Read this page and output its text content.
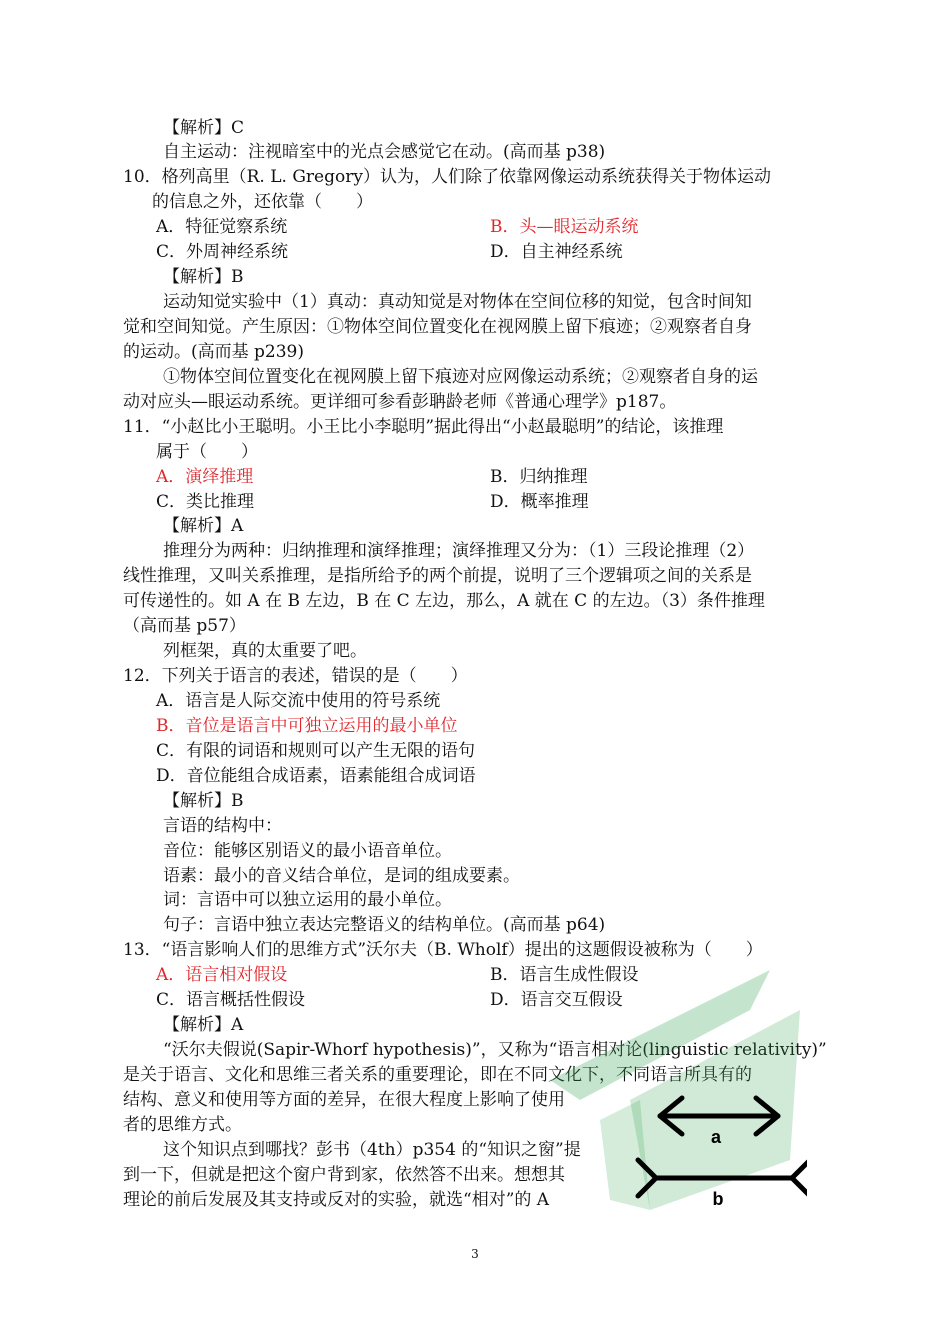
【解析】C
自主运动：注视暗室中的光点会感觉它在动。(高而基 p38)
10．格列高里（R. L. Gregory）认为，人们除了依靠网像运动系统获得关于物体运动
的信息之外，还依靠（　　）
A．特征觉察系统	B．头—眼运动系统
C．外周神经系统	D．自主神经系统
【解析】B
运动知觉实验中（1）真动：真动知觉是对物体在空间位移的知觉，包含时间知
觉和空间知觉。产生原因：①物体空间位置变化在视网膜上留下痕迹；②观察者自身
的运动。(高而基 p239)
①物体空间位置变化在视网膜上留下痕迹对应网像运动系统；②观察者自身的运
动对应头—眼运动系统。更详细可参看彭聃龄老师《普通心理学》p187。
11．“小赵比小王聪明。小王比小李聪明”据此得出“小赵最聪明”的结论，该推理
属于（　　）
A．演绎推理	B．归纳推理
C．类比推理	D．概率推理
【解析】A
推理分为两种：归纳推理和演绎推理；演绎推理又分为：（1）三段论推理（2）
线性推理，又叫关系推理，是指所给予的两个前提，说明了三个逻辑项之间的关系是
可传递性的。如 A 在 B 左边，B 在 C 左边，那么，A 就在 C 的左边。（3）条件推理
（高而基 p57）
列框架，真的太重要了吧。
12．下列关于语言的表述，错误的是（　　）
A．语言是人际交流中使用的符号系统
B．音位是语言中可独立运用的最小单位
C．有限的词语和规则可以产生无限的语句
D．音位能组合成语素，语素能组合成词语
【解析】B
言语的结构中：
音位：能够区别语义的最小语音单位。
语素：最小的音义结合单位，是词的组成要素。
词：言语中可以独立运用的最小单位。
句子：言语中独立表达完整语义的结构单位。(高而基 p64)
13．“语言影响人们的思维方式”沃尔夫（B. Wholf）提出的这题假设被称为（　　）
A．语言相对假设	B．语言生成性假设
C．语言概括性假设	D．语言交互假设
【解析】A
“沃尔夫假说(Sapir-Whorf hypothesis)”，又称为“语言相对论(linguistic relativity)”
是关于语言、文化和思维三者关系的重要理论，即在不同文化下，不同语言所具有的
结构、意义和使用等方面的差异，在很大程度上影响了使用
者的思维方式。
这个知识点到哪找？彭书（4th）p354 的“知识之窗”提
到一下，但就是把这个窗户背到家，依然答不出来。想想其
理论的前后发展及其支持或反对的实验，就选“相对”的 A
a
b
3
